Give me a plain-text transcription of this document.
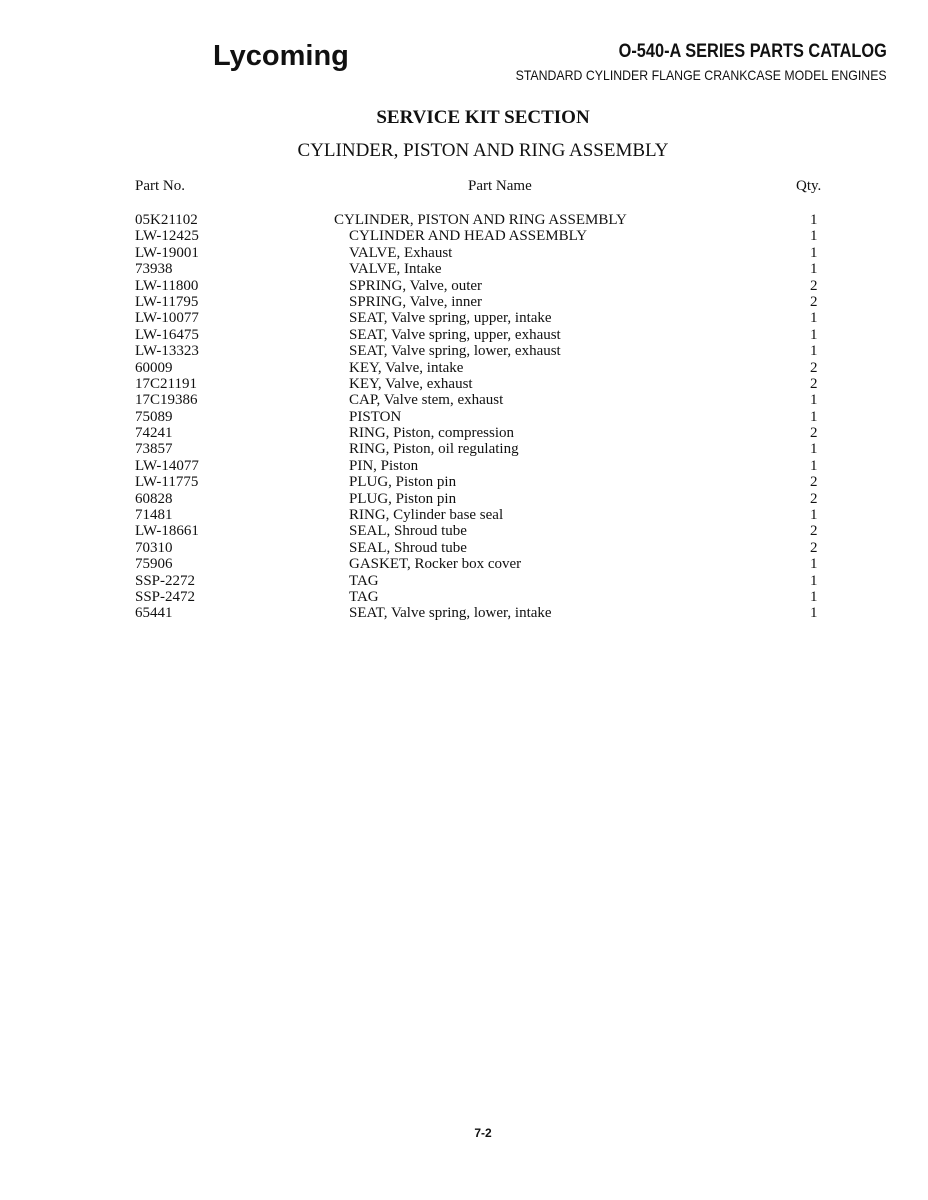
Lycoming	O-540-A SERIES PARTS CATALOG
STANDARD CYLINDER FLANGE CRANKCASE MODEL ENGINES
SERVICE KIT SECTION
CYLINDER, PISTON AND RING ASSEMBLY
Part No.	Part Name	Qty.
05K21102	CYLINDER, PISTON AND RING ASSEMBLY	1
LW-12425	CYLINDER AND HEAD ASSEMBLY	1
LW-19001	VALVE, Exhaust	1
73938	VALVE, Intake	1
LW-11800	SPRING, Valve, outer	2
LW-11795	SPRING, Valve, inner	2
LW-10077	SEAT, Valve spring, upper, intake	1
LW-16475	SEAT, Valve spring, upper, exhaust	1
LW-13323	SEAT, Valve spring, lower, exhaust	1
60009	KEY, Valve, intake	2
17C21191	KEY, Valve, exhaust	2
17C19386	CAP, Valve stem, exhaust	1
75089	PISTON	1
74241	RING, Piston, compression	2
73857	RING, Piston, oil regulating	1
LW-14077	PIN, Piston	1
LW-11775	PLUG, Piston pin	2
60828	PLUG, Piston pin	2
71481	RING, Cylinder base seal	1
LW-18661	SEAL, Shroud tube	2
70310	SEAL, Shroud tube	2
75906	GASKET, Rocker box cover	1
SSP-2272	TAG	1
SSP-2472	TAG	1
65441	SEAT, Valve spring, lower, intake	1
7-2
